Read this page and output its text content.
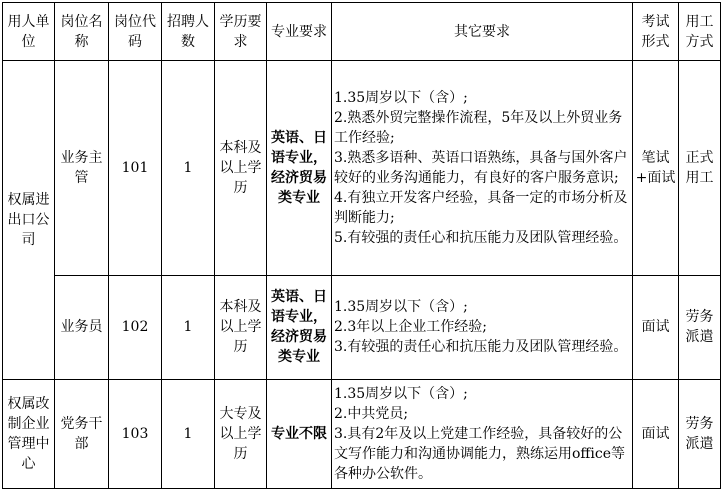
用人单位	岗位名称	岗位代码	招聘人数	学历要求	专业要求	其它要求	考试形式	用工方式
权属进出口公司	业务主管	101	1	本科及以上学历	英语、日语专业，经济贸易类专业	1.35周岁以下（含）;
2.熟悉外贸完整操作流程，5年及以上外贸业务工作经验;
3.熟悉多语种、英语口语熟练，具备与国外客户较好的业务沟通能力，有良好的客户服务意识;
4.有独立开发客户经验，具备一定的市场分析及判断能力;
5.有较强的责任心和抗压能力及团队管理经验。	笔试+面试	正式用工
	业务员	102	1	本科及以上学历	英语、日语专业，经济贸易类专业	1.35周岁以下（含）;
2.3年以上企业工作经验;
3.有较强的责任心和抗压能力及团队管理经验。	面试	劳务派遣
权属改制企业管理中心	党务干部	103	1	大专及以上学历	专业不限	1.35周岁以下（含）;
2.中共党员;
3.具有2年及以上党建工作经验，具备较好的公文写作能力和沟通协调能力，熟练运用office等各种办公软件。	面试	劳务派遣
